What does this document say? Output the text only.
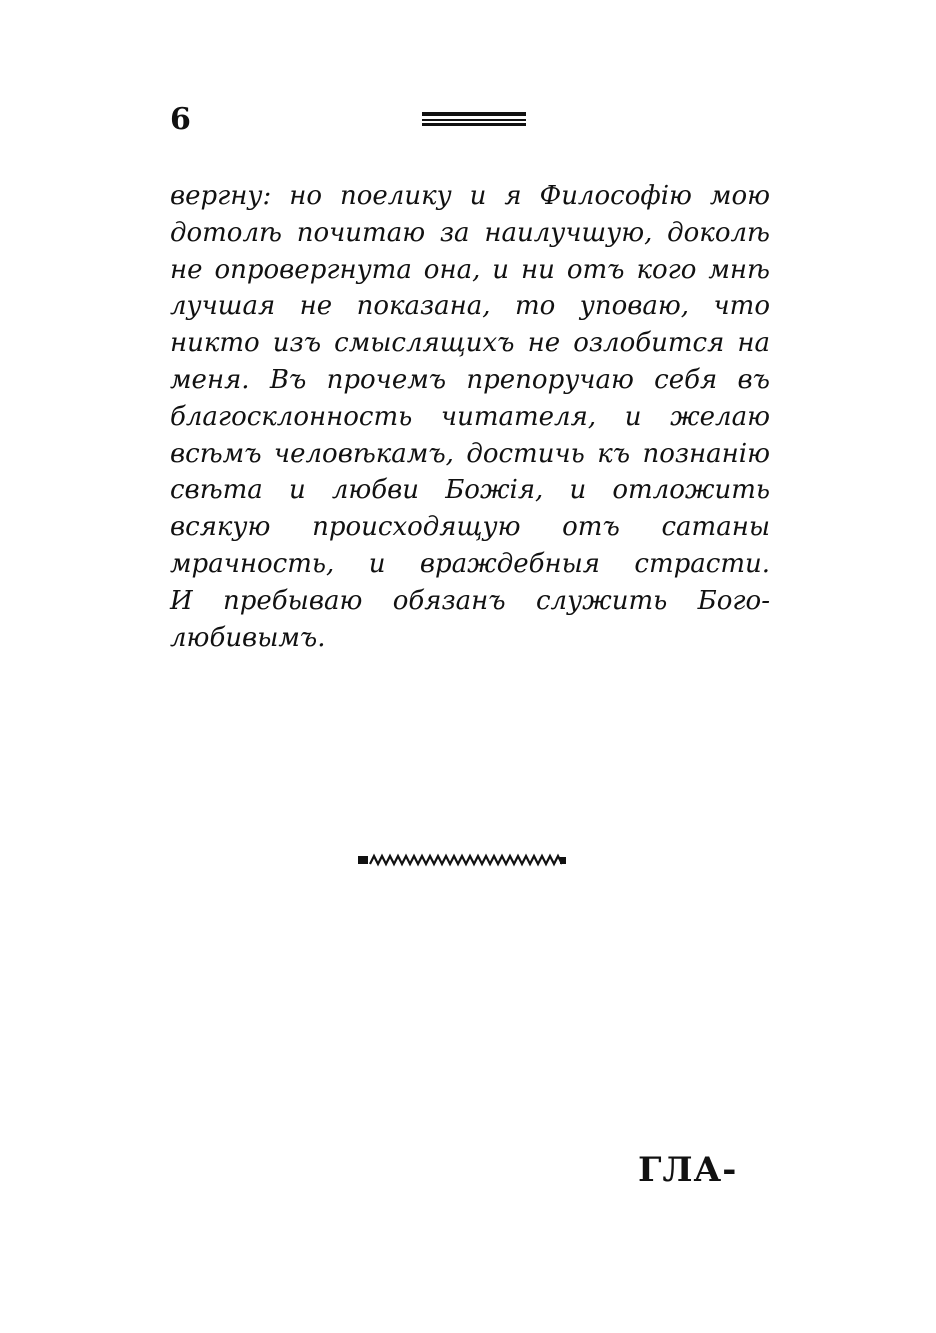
6
вергну: но поелику и я Философію мою
дотолѣ почитаю за наилучшую, доколѣ
не опровергнута она, и ни отъ кого мнѣ
лучшая не показана, то уповаю, что
никто изъ смыслящихъ не озлобится на
меня. Въ прочемъ препоручаю себя въ
благосклонность читателя, и желаю
всѣмъ человѣкамъ, достичь къ познанію
свѣта и любви Божія, и отложить
всякую происходящую отъ сатаны
мрачность, и враждебныя страсти.
И пребываю обязанъ служить Бого-
любивымъ.
ГЛА-
